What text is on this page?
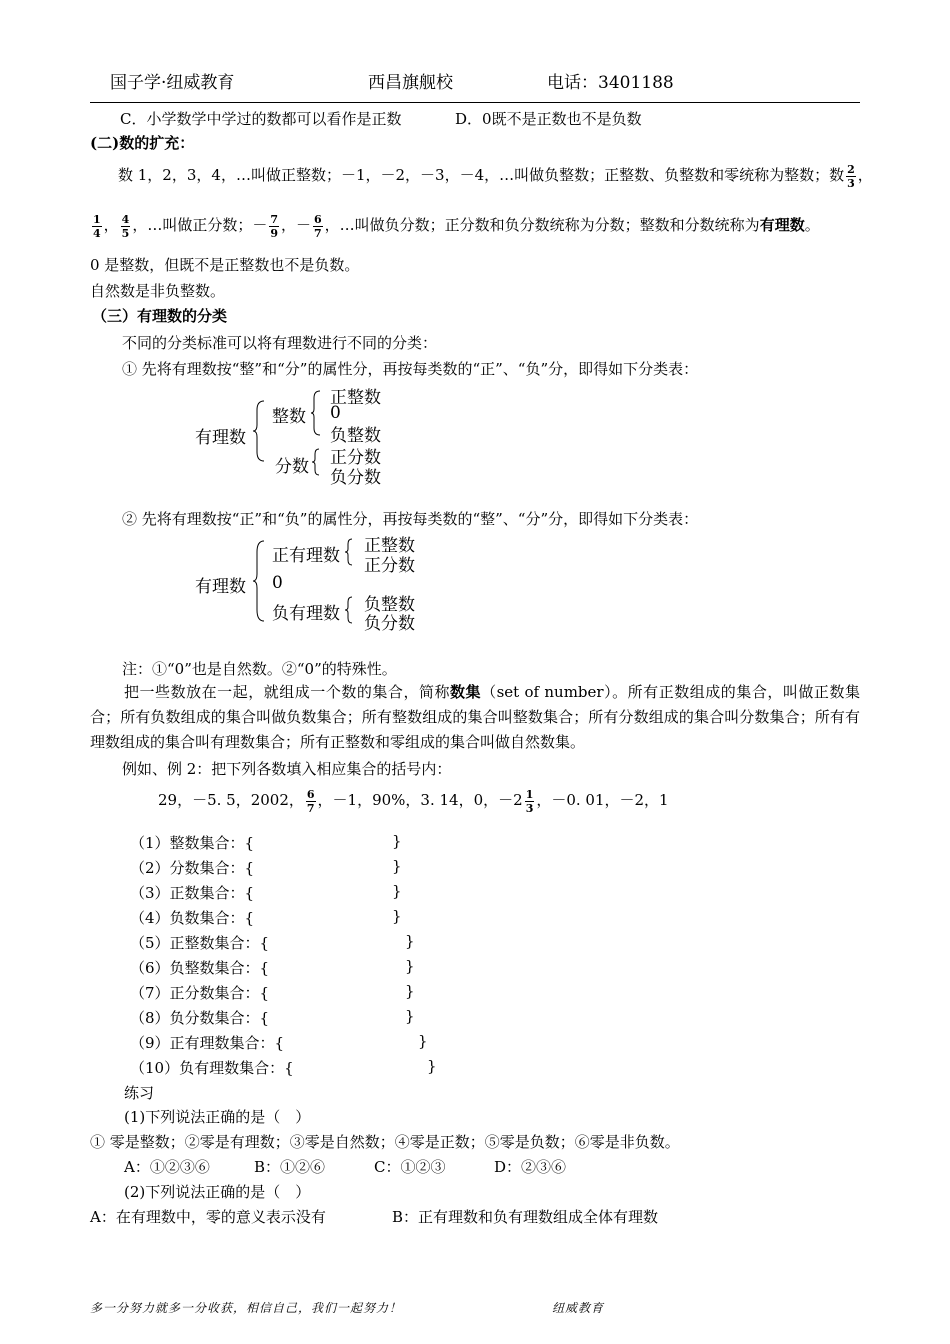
国子学·纽威教育	西昌旗舰校	电话：3401188
C．小学数学中学过的数都可以看作是正数	D．0既不是正数也不是负数
(二)数的扩充：
数 1，2，3，4，…叫做正整数；－1，－2，－3，－4，…叫做负整数；正整数、负整数和零统称为整数；数 $\frac{2}{3}$ ，
$\frac{1}{4}$ ， $\frac{4}{5}$ ，…叫做正分数；－ $\frac{7}{9}$ ，－ $\frac{6}{7}$ ，…叫做负分数；正分数和负分数统称为分数；整数和分数统称为有理数。
0 是整数，但既不是正整数也不是负数。
自然数是非负整数。
（三）有理数的分类
不同的分类标准可以将有理数进行不同的分类：
① 先将有理数按“整”和“分”的属性分，再按每类数的“正”、“负”分，即得如下分类表：
有理数
整数
正整数
0
负整数
分数 正分数
负分数
② 先将有理数按“正”和“负”的属性分，再按每类数的“整”、“分”分，即得如下分类表：
有理数
正有理数 正整数
正分数
0
负有理数 负整数
负分数
注：①“0”也是自然数。②“0”的特殊性。
把一些数放在一起，就组成一个数的集合，简称数集（set of number）。所有正数组成的集合，叫做正数集合；所有负数组成的集合叫做负数集合；所有整数组成的集合叫整数集合；所有分数组成的集合叫分数集合；所有有理数组成的集合叫有理数集合；所有正整数和零组成的集合叫做自然数集。
例如、例 2：把下列各数填入相应集合的括号内：
29，－5. 5，2002， $\frac{6}{7}$ ，－1，90%，3. 14，0，$-2 \frac{1}{3}$ ，－0. 01，－2，1
（1）整数集合：{	}
（2）分数集合：{	}
（3）正数集合：{	}
（4）负数集合：{	}
（5）正整数集合：{	}
（6）负整数集合：{	}
（7）正分数集合：{	}
（8）负分数集合：{	}
（9）正有理数集合：{	}
（10）负有理数集合：{	}
练习
(1)下列说法正确的是（　）
① 零是整数；②零是有理数；③零是自然数；④零是正数；⑤零是负数；⑥零是非负数。
A：①②③⑥	B：①②⑥	C：①②③	D：②③⑥
(2)下列说法正确的是（　）
A：在有理数中，零的意义表示没有	B：正有理数和负有理数组成全体有理数
多一分努力就多一分收获，相信自己，我们一起努力！	纽威教育
